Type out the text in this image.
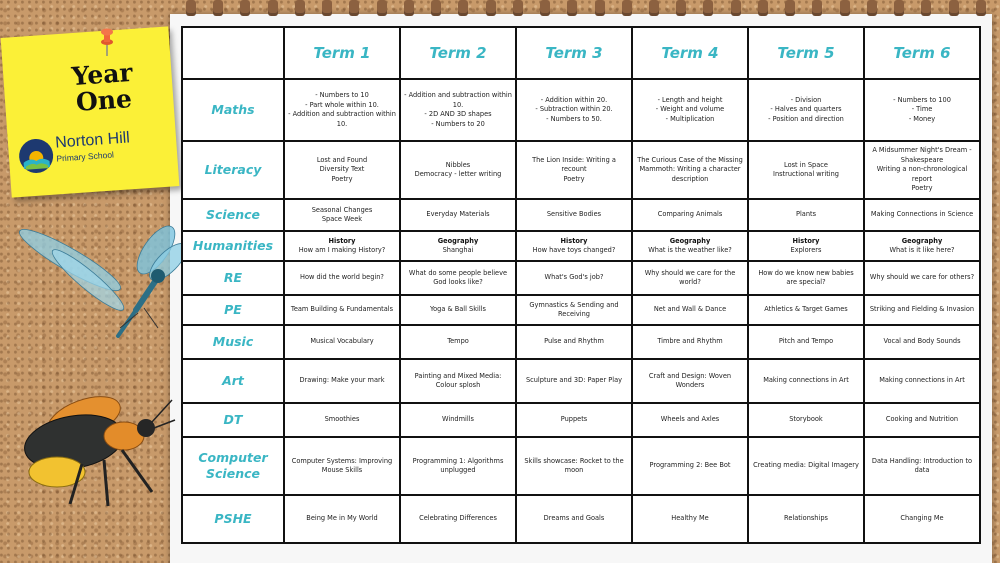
Year One
Norton Hill
Primary School
	Term 1	Term 2	Term 3	Term 4	Term 5	Term 6
Maths	- Numbers to 10
- Part whole within 10.
- Addition and subtraction within 10.	- Addition and subtraction within 10.
- 2D AND 3D shapes
- Numbers to 20	- Addition within 20.
- Subtraction within 20.
- Numbers to 50.	- Length and height
- Weight and volume
- Multiplication	- Division
- Halves and quarters
- Position and direction	- Numbers to 100
- Time
- Money
Literacy	Lost and Found
Diversity Text
Poetry	Nibbles
Democracy - letter writing	The Lion Inside: Writing a recount
Poetry	The Curious Case of the Missing Mammoth: Writing a character description	Lost in Space
Instructional writing	A Midsummer Night's Dream - Shakespeare
Writing a non-chronological report
Poetry
Science	Seasonal Changes
Space Week	Everyday Materials	Sensitive Bodies	Comparing Animals	Plants	Making Connections in Science
Humanities	History
How am I making History?	Geography
Shanghai	History
How have toys changed?	Geography
What is the weather like?	History
Explorers	Geography
What is it like here?
RE	How did the world begin?	What do some people believe God looks like?	What's God's job?	Why should we care for the world?	How do we know new babies are special?	Why should we care for others?
PE	Team Building & Fundamentals	Yoga & Ball Skills	Gymnastics & Sending and Receiving	Net and Wall & Dance	Athletics & Target Games	Striking and Fielding & Invasion
Music	Musical Vocabulary	Tempo	Pulse and Rhythm	Timbre and Rhythm	Pitch and Tempo	Vocal and Body Sounds
Art	Drawing: Make your mark	Painting and Mixed Media: Colour splosh	Sculpture and 3D: Paper Play	Craft and Design: Woven Wonders	Making connections in Art	Making connections in Art
DT	Smoothies	Windmills	Puppets	Wheels and Axles	Storybook	Cooking and Nutrition
Computer Science	Computer Systems: Improving Mouse Skills	Programming 1: Algorithms unplugged	Skills showcase: Rocket to the moon	Programming 2: Bee Bot	Creating media: Digital Imagery	Data Handling: Introduction to data
PSHE	Being Me in My World	Celebrating Differences	Dreams and Goals	Healthy Me	Relationships	Changing Me
